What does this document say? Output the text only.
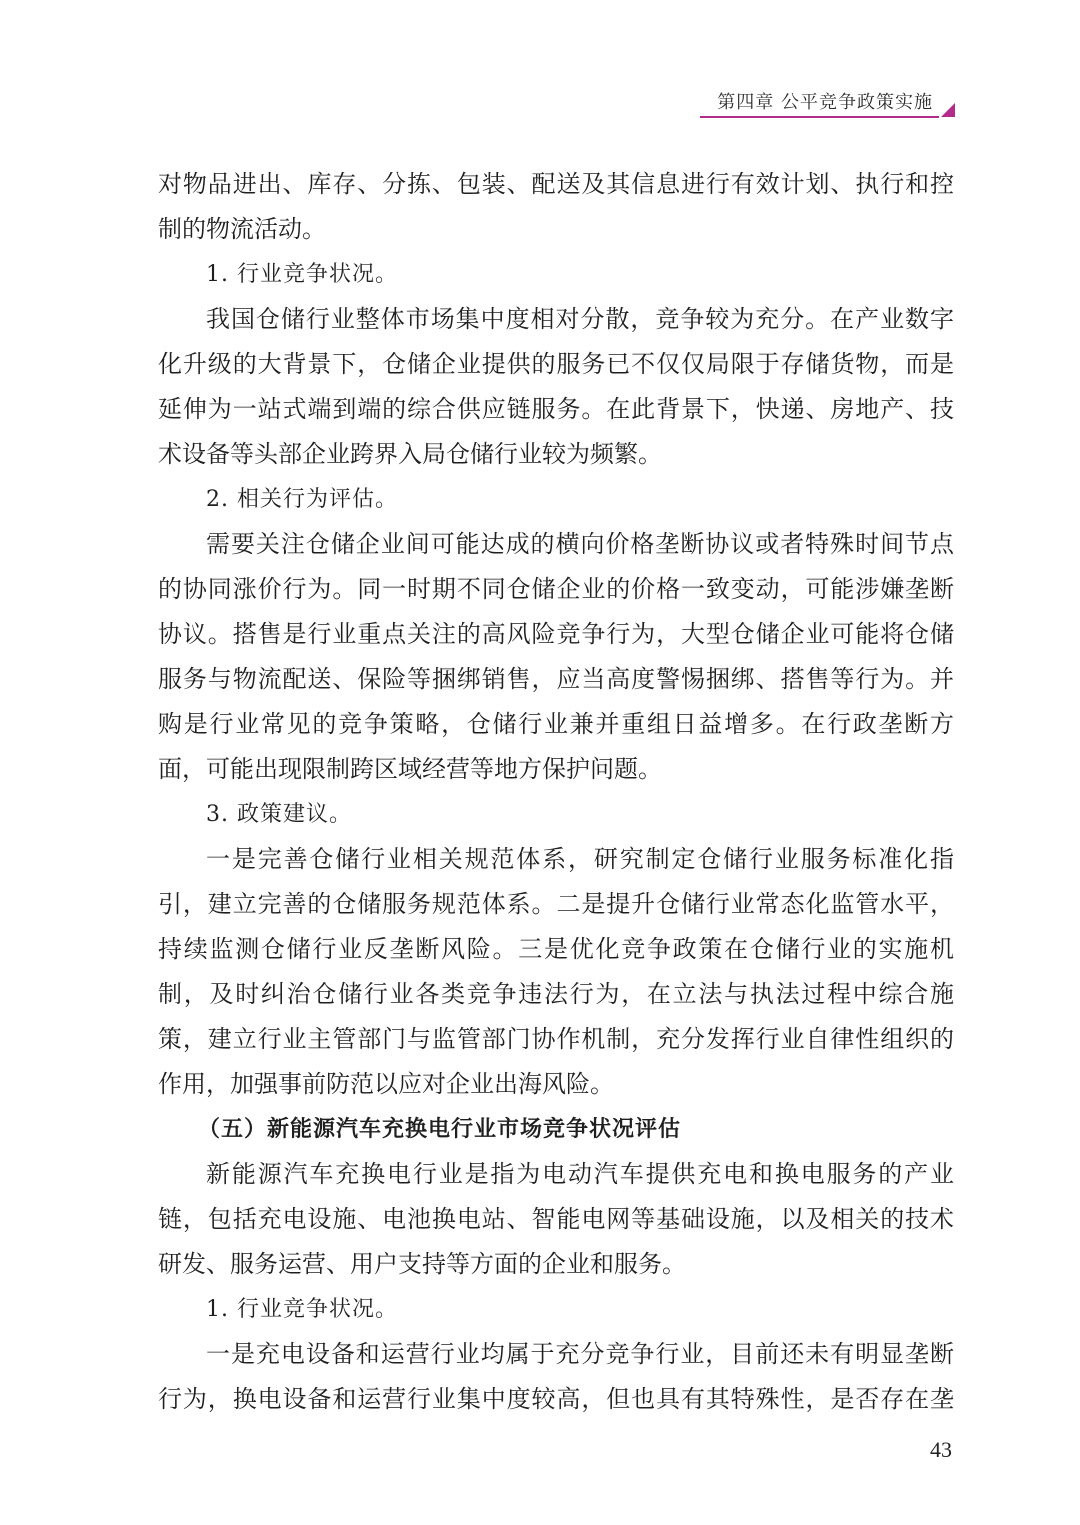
第四章 公平竞争政策实施
对物品进出、库存、分拣、包装、配送及其信息进行有效计划、执行和控
制的物流活动。
1. 行业竞争状况。
我国仓储行业整体市场集中度相对分散，竞争较为充分。在产业数字
化升级的大背景下，仓储企业提供的服务已不仅仅局限于存储货物，而是
延伸为一站式端到端的综合供应链服务。在此背景下，快递、房地产、技
术设备等头部企业跨界入局仓储行业较为频繁。
2. 相关行为评估。
需要关注仓储企业间可能达成的横向价格垄断协议或者特殊时间节点
的协同涨价行为。同一时期不同仓储企业的价格一致变动，可能涉嫌垄断
协议。搭售是行业重点关注的高风险竞争行为，大型仓储企业可能将仓储
服务与物流配送、保险等捆绑销售，应当高度警惕捆绑、搭售等行为。并
购是行业常见的竞争策略，仓储行业兼并重组日益增多。在行政垄断方
面，可能出现限制跨区域经营等地方保护问题。
3. 政策建议。
一是完善仓储行业相关规范体系，研究制定仓储行业服务标准化指
引，建立完善的仓储服务规范体系。二是提升仓储行业常态化监管水平，
持续监测仓储行业反垄断风险。三是优化竞争政策在仓储行业的实施机
制，及时纠治仓储行业各类竞争违法行为，在立法与执法过程中综合施
策，建立行业主管部门与监管部门协作机制，充分发挥行业自律性组织的
作用，加强事前防范以应对企业出海风险。
（五）新能源汽车充换电行业市场竞争状况评估
新能源汽车充换电行业是指为电动汽车提供充电和换电服务的产业
链，包括充电设施、电池换电站、智能电网等基础设施，以及相关的技术
研发、服务运营、用户支持等方面的企业和服务。
1. 行业竞争状况。
一是充电设备和运营行业均属于充分竞争行业，目前还未有明显垄断
行为，换电设备和运营行业集中度较高，但也具有其特殊性，是否存在垄
43
